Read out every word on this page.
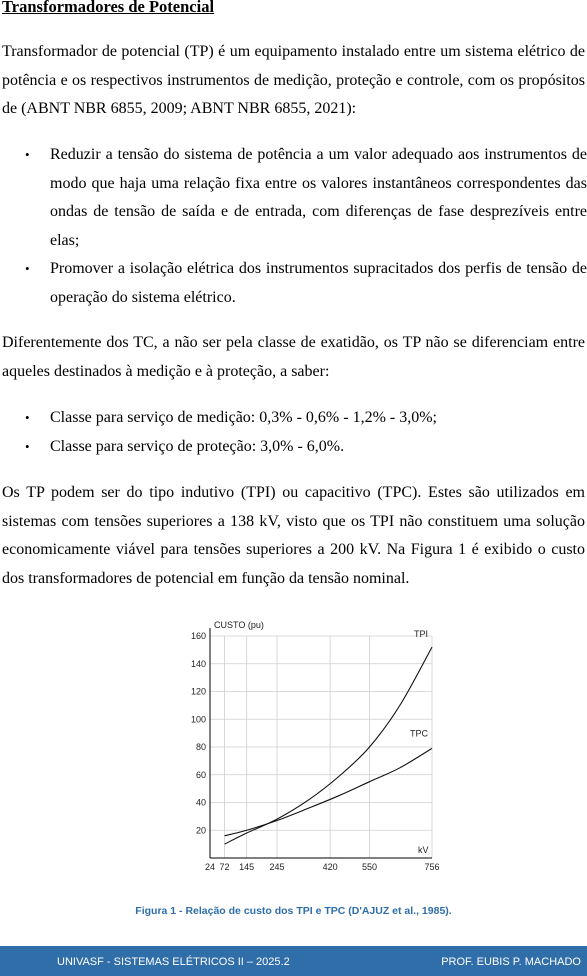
Transformadores de Potencial

Transformador de potencial (TP) é um equipamento instalado entre um sistema elétrico de potência e os respectivos instrumentos de medição, proteção e controle, com os propósitos de (ABNT NBR 6855, 2009; ABNT NBR 6855, 2021):

• Reduzir a tensão do sistema de potência a um valor adequado aos instrumentos de modo que haja uma relação fixa entre os valores instantâneos correspondentes das ondas de tensão de saída e de entrada, com diferenças de fase desprezíveis entre elas;
• Promover a isolação elétrica dos instrumentos supracitados dos perfis de tensão de operação do sistema elétrico.

Diferentemente dos TC, a não ser pela classe de exatidão, os TP não se diferenciam entre aqueles destinados à medição e à proteção, a saber:

• Classe para serviço de medição: 0,3% - 0,6% - 1,2% - 3,0%;
• Classe para serviço de proteção: 3,0% - 6,0%.

Os TP podem ser do tipo indutivo (TPI) ou capacitivo (TPC). Estes são utilizados em sistemas com tensões superiores a 138 kV, visto que os TPI não constituem uma solução economicamente viável para tensões superiores a 200 kV. Na Figura 1 é exibido o custo dos transformadores de potencial em função da tensão nominal.

20
40
60
80
100
120
140
160
24 72 145 245	420	550	756
CUSTO (pu)
kV
TPI
TPC
Figura 1 - Relação de custo dos TPI e TPC (D'AJUZ et al., 1985).
UNIVASF - SISTEMAS ELÉTRICOS II – 2025.2	PROF. EUBIS P. MACHADO
